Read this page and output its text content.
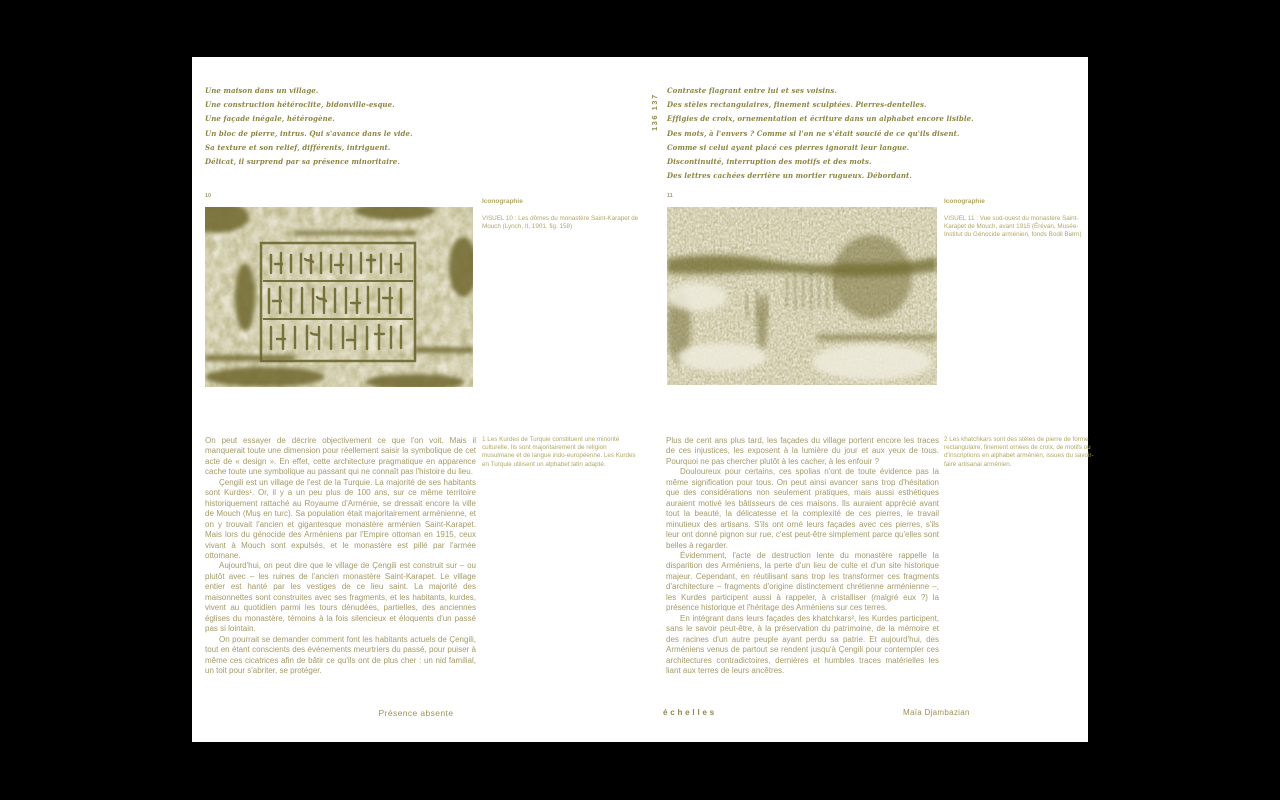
Une maison dans un village.
Une construction hétéroclite, bidonville-esque.
Une façade inégale, hétérogène.
Un bloc de pierre, intrus. Qui s'avance dans le vide.
Sa texture et son relief, différents, intriguent.
Délicat, il surprend par sa présence minoritaire.
10
Iconographie
VISUEL 10 : Les dômes du monastère Saint-Karapet de Mouch (Lynch, II, 1901, fig. 158)

On peut essayer de décrire objectivement ce que l'on voit. Mais il manquerait toute une dimension pour réellement saisir la symbolique de cet acte de « design ». En effet, cette architecture pragmatique en apparence cache toute une symbolique au passant qui ne connaît pas l'histoire du lieu.

Çengili est un village de l'est de la Turquie. La majorité de ses habitants sont Kurdes¹. Or, il y a un peu plus de 100 ans, sur ce même territoire historiquement rattaché au Royaume d'Arménie, se dressait encore la ville de Mouch (Muş en turc). Sa population était majoritairement arménienne, et on y trouvait l'ancien et gigantesque monastère arménien Saint-Karapet. Mais lors du génocide des Arméniens par l'Empire ottoman en 1915, ceux vivant à Mouch sont expulsés, et le monastère est pillé par l'armée ottomane.

Aujourd'hui, on peut dire que le village de Çengili est construit sur – ou plutôt avec – les ruines de l'ancien monastère Saint-Karapet. Le village entier est hanté par les vestiges de ce lieu saint. La majorité des maisonnettes sont construites avec ses fragments, et les habitants, kurdes, vivent au quotidien parmi les tours dénudées, partielles, des anciennes églises du monastère, témoins à la fois silencieux et éloquents d'un passé pas si lointain.

On pourrait se demander comment font les habitants actuels de Çengili, tout en étant conscients des événements meurtriers du passé, pour puiser à même ces cicatrices afin de bâtir ce qu'ils ont de plus cher : un nid familial, un toit pour s'abriter, se protéger.

1 Les Kurdes de Turquie constituent une minorité culturelle. Ils sont majoritairement de religion musulmane et de langue indo-européenne. Les Kurdes en Turquie utilisent un alphabet latin adapté.
Présence absente
136 137
Contraste flagrant entre lui et ses voisins.
Des stèles rectangulaires, finement sculptées. Pierres-dentelles.
Effigies de croix, ornementation et écriture dans un alphabet encore lisible.
Des mots, à l'envers ? Comme si l'on ne s'était soucié de ce qu'ils disent.
Comme si celui ayant placé ces pierres ignorait leur langue.
Discontinuité, interruption des motifs et des mots.
Des lettres cachées derrière un mortier rugueux. Débordant.
11
Iconographie
VISUEL 11 : Vue sud-ouest du monastère Saint-Karapet de Mouch, avant 1915 (Érévan, Musée-Institut du Génocide arménien, fonds Bodil Biørn)

Plus de cent ans plus tard, les façades du village portent encore les traces de ces injustices, les exposent à la lumière du jour et aux yeux de tous. Pourquoi ne pas chercher plutôt à les cacher, à les enfouir ?

Douloureux pour certains, ces spolias n'ont de toute évidence pas la même signification pour tous. On peut ainsi avancer sans trop d'hésitation que des considérations non seulement pratiques, mais aussi esthétiques auraient motivé les bâtisseurs de ces maisons. Ils auraient apprécié avant tout la beauté, la délicatesse et la complexité de ces pierres, le travail minutieux des artisans. S'ils ont orné leurs façades avec ces pierres, s'ils leur ont donné pignon sur rue, c'est peut-être simplement parce qu'elles sont belles à regarder.

Évidemment, l'acte de destruction lente du monastère rappelle la disparition des Arméniens, la perte d'un lieu de culte et d'un site historique majeur. Cependant, en réutilisant sans trop les transformer ces fragments d'architecture – fragments d'origine distinctement chrétienne arménienne –, les Kurdes participent aussi à rappeler, à cristalliser (malgré eux ?) la présence historique et l'héritage des Arméniens sur ces terres.

En intégrant dans leurs façades des khatchkars², les Kurdes participent, sans le savoir peut-être, à la préservation du patrimoine, de la mémoire et des racines d'un autre peuple ayant perdu sa patrie. Et aujourd'hui, des Arméniens venus de partout se rendent jusqu'à Çengili pour contempler ces architectures contradictoires, dernières et humbles traces matérielles les liant aux terres de leurs ancêtres.

2 Les khatchkars sont des stèles de pierre de forme rectangulaire, finement ornées de croix, de motifs ou d'inscriptions en alphabet arménien, issues du savoir-faire artisanal arménien.
échelles	Maïa Djambazian
